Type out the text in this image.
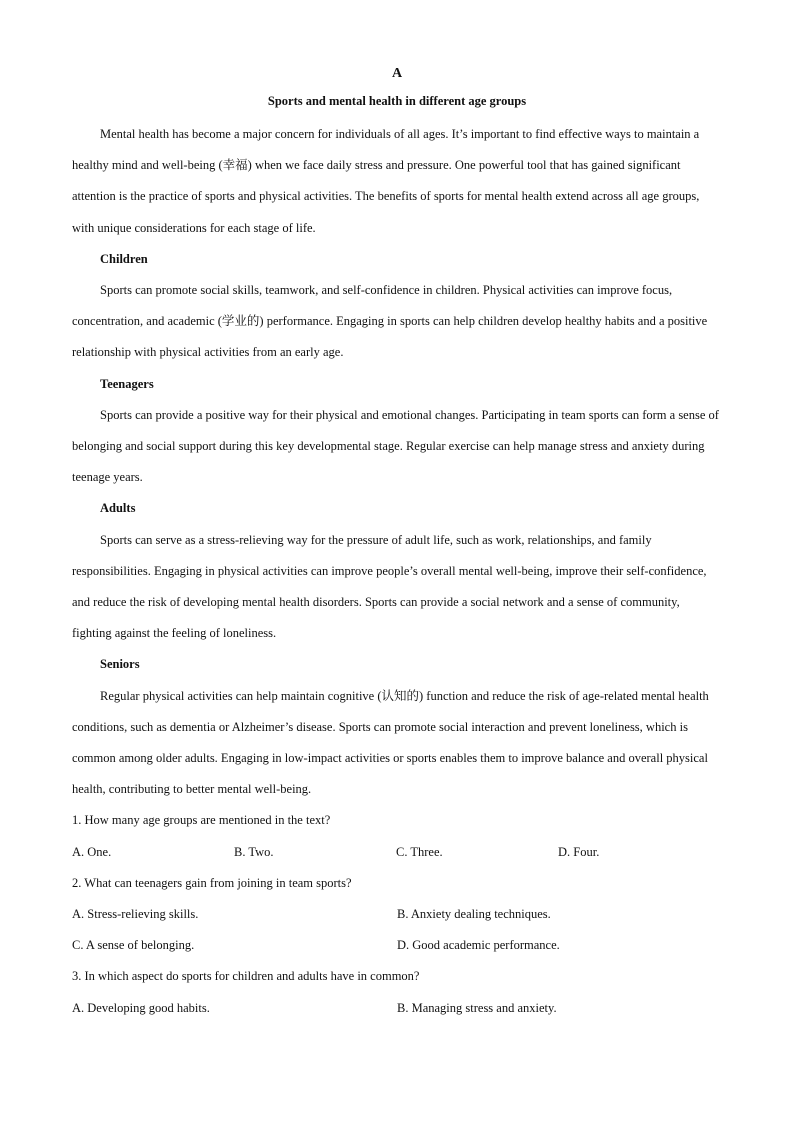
A
Sports and mental health in different age groups

Mental health has become a major concern for individuals of all ages. It’s important to find effective ways to maintain a healthy mind and well-being (幸福) when we face daily stress and pressure. One powerful tool that has gained significant attention is the practice of sports and physical activities. The benefits of sports for mental health extend across all age groups, with unique considerations for each stage of life.

Children

Sports can promote social skills, teamwork, and self-confidence in children. Physical activities can improve focus, concentration, and academic (学业的) performance. Engaging in sports can help children develop healthy habits and a positive relationship with physical activities from an early age.

Teenagers

Sports can provide a positive way for their physical and emotional changes. Participating in team sports can form a sense of belonging and social support during this key developmental stage. Regular exercise can help manage stress and anxiety during teenage years.

Adults

Sports can serve as a stress-relieving way for the pressure of adult life, such as work, relationships, and family responsibilities. Engaging in physical activities can improve people’s overall mental well-being, improve their self-confidence, and reduce the risk of developing mental health disorders. Sports can provide a social network and a sense of community, fighting against the feeling of loneliness.

Seniors

Regular physical activities can help maintain cognitive (认知的) function and reduce the risk of age-related mental health conditions, such as dementia or Alzheimer’s disease. Sports can promote social interaction and prevent loneliness, which is common among older adults. Engaging in low-impact activities or sports enables them to improve balance and overall physical health, contributing to better mental well-being.

1. How many age groups are mentioned in the text?
A. One.	B. Two.	C. Three.	D. Four.
2. What can teenagers gain from joining in team sports?
A. Stress-relieving skills.	B. Anxiety dealing techniques.
C. A sense of belonging.	D. Good academic performance.
3. In which aspect do sports for children and adults have in common?
A. Developing good habits.	B. Managing stress and anxiety.
